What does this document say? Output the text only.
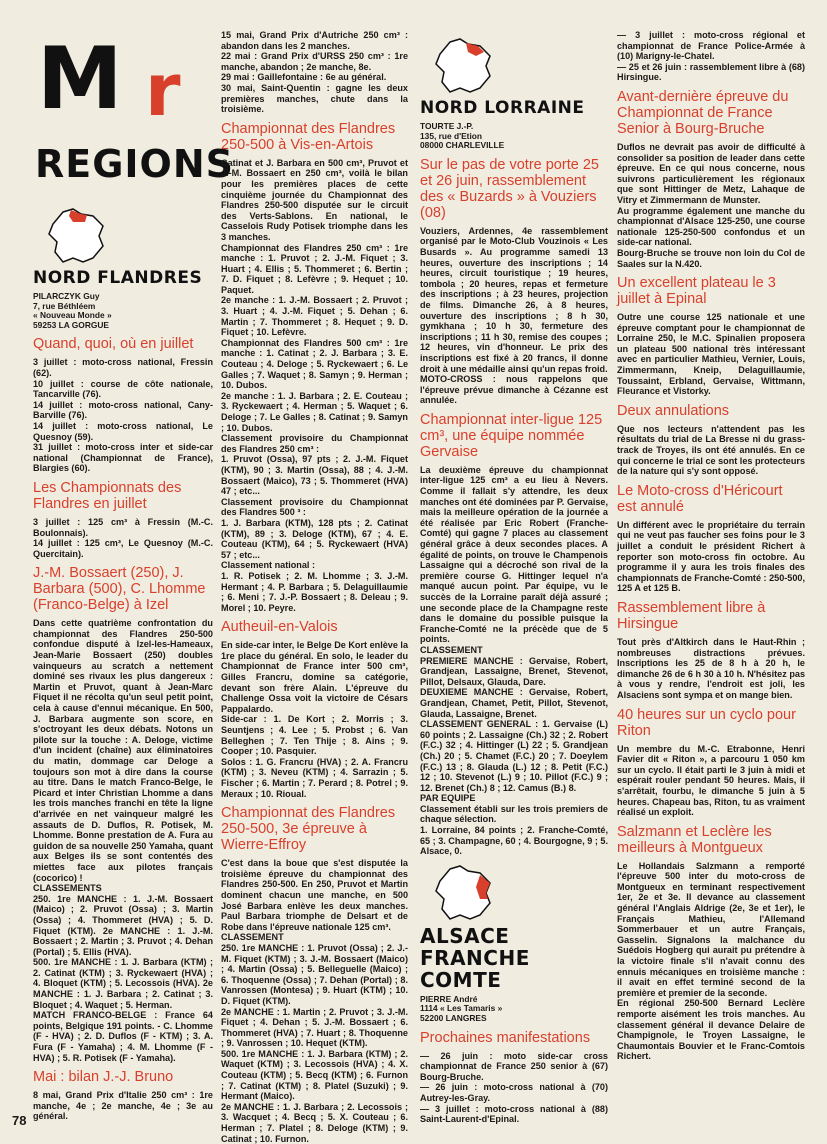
M r
REGIONS
NORD FLANDRES

PILARCZYK Guy
7, rue Béthléem
« Nouveau Monde »
59253 LA GORGUE

Quand, quoi, où en juillet

3 juillet : moto-cross national, Fressin (62).
10 juillet : course de côte nationale, Tancarville (76).
14 juillet : moto-cross national, Cany-Barville (76).
14 juillet : moto-cross national, Le Quesnoy (59).
31 juillet : moto-cross inter et side-car national (Championnat de France), Blargies (60).

Les Championnats des Flandres en juillet

3 juillet : 125 cm³ à Fressin (M.-C. Boulonnais).
14 juillet : 125 cm³, Le Quesnoy (M.-C. Quercitain).

J.-M. Bossaert (250), J. Barbara (500), C. Lhomme (Franco-Belge) à Izel

Dans cette quatrième confrontation du championnat des Flandres 250-500 confondue disputé à Izel-les-Hameaux, Jean-Marie Bossaert (250) doubles vainqueurs au scratch a nettement dominé ses rivaux les plus dangereux : Martin et Pruvot, quant à Jean-Marc Fiquet il ne récolta qu'un seul petit point, cela à cause d'ennui mécanique. En 500, J. Barbara augmente son score, en s'octroyant les deux débats. Notons un pilote sur la touche : A. Deloge, victime d'un incident (chaîne) aux éliminatoires du matin, dommage car Deloge a toujours son mot à dire dans la course au titre. Dans le match Franco-Belge, le Picard et inter Christian Lhomme a dans les trois manches franchi en tête la ligne d'arrivée en net vainqueur malgré les assauts de D. Duflos, R. Potisek, M. Lhomme. Bonne prestation de A. Fura au guidon de sa nouvelle 250 Yamaha, quant aux Belges ils se sont contentés des miettes face aux pilotes français (cocorico) !
CLASSEMENTS
250. 1re MANCHE : 1. J.-M. Bossaert (Maico) ; 2. Pruvot (Ossa) ; 3. Martin (Ossa) ; 4. Thommeret (HVA) ; 5. D. Fiquet (KTM). 2e MANCHE : 1. J.-M. Bossaert ; 2. Martin ; 3. Pruvot ; 4. Dehan (Portal) ; 5. Ellis (HVA).
500. 1re MANCHE : 1. J. Barbara (KTM) ; 2. Catinat (KTM) ; 3. Ryckewaert (HVA) ; 4. Bloquet (KTM) ; 5. Lecossois (HVA). 2e MANCHE : 1. J. Barbara ; 2. Catinat ; 3. Bloquet ; 4. Waquet ; 5. Herman.
MATCH FRANCO-BELGE : France 64 points, Belgique 191 points. - C. Lhomme (F - HVA) ; 2. D. Duflos (F - KTM) ; 3. A. Fura (F - Yamaha) ; 4. M. Lhomme (F - HVA) ; 5. R. Potisek (F - Yamaha).

Mai : bilan J.-J. Bruno

8 mai, Grand Prix d'Italie 250 cm³ : 1re manche, 4e ; 2e manche, 4e ; 3e au général.

15 mai, Grand Prix d'Autriche 250 cm³ : abandon dans les 2 manches.
22 mai : Grand Prix d'URSS 250 cm³ : 1re manche, abandon ; 2e manche, 8e.
29 mai : Gaillefontaine : 6e au général.
30 mai, Saint-Quentin : gagne les deux premières manches, chute dans la troisième.

Championnat des Flandres 250-500 à Vis-en-Artois

Catinat et J. Barbara en 500 cm³, Pruvot et J.-M. Bossaert en 250 cm³, voilà le bilan pour les premières places de cette cinquième journée du Championnat des Flandres 250-500 disputée sur le circuit des Verts-Sablons. En national, le Casselois Rudy Potisek triomphe dans les 3 manches.
Championnat des Flandres 250 cm³ : 1re manche : 1. Pruvot ; 2. J.-M. Fiquet ; 3. Huart ; 4. Ellis ; 5. Thommeret ; 6. Bertin ; 7. D. Fiquet ; 8. Lefèvre ; 9. Hequet ; 10. Paquet.
2e manche : 1. J.-M. Bossaert ; 2. Pruvot ; 3. Huart ; 4. J.-M. Fiquet ; 5. Dehan ; 6. Martin ; 7. Thommeret ; 8. Hequet ; 9. D. Fiquet ; 10. Lefèvre.
Championnat des Flandres 500 cm³ : 1re manche : 1. Catinat ; 2. J. Barbara ; 3. E. Couteau ; 4. Deloge ; 5. Ryckewaert ; 6. Le Galles ; 7. Waquet ; 8. Samyn ; 9. Herman ; 10. Dubos.
2e manche : 1. J. Barbara ; 2. E. Couteau ; 3. Ryckewaert ; 4. Herman ; 5. Waquet ; 6. Deloge ; 7. Le Galles ; 8. Catinat ; 9. Samyn ; 10. Dubos.
Classement provisoire du Championnat des Flandres 250 cm³ :
1. Pruvot (Ossa), 97 pts ; 2. J.-M. Fiquet (KTM), 90 ; 3. Martin (Ossa), 88 ; 4. J.-M. Bossaert (Maico), 73 ; 5. Thommeret (HVA) 47 ; etc...
Classement provisoire du Championnat des Flandres 500 ³ :
1. J. Barbara (KTM), 128 pts ; 2. Catinat (KTM), 89 ; 3. Deloge (KTM), 67 ; 4. E. Couteau (KTM), 64 ; 5. Ryckewaert (HVA) 57 ; etc...
Classement national :
1. R. Potisek ; 2. M. Lhomme ; 3. J.-M. Hermant ; 4. P. Barbara ; 5. Delaguillaumie ; 6. Meni ; 7. J.-P. Bossaert ; 8. Deleau ; 9. Morel ; 10. Peyre.

Autheuil-en-Valois

En side-car inter, le Belge De Kort enlève la 1re place du général. En solo, le leader du Championnat de France inter 500 cm³, Gilles Francru, domine sa catégorie, devant son frère Alain. L'épreuve du Challenge Ossa voit la victoire de Césars Pappalardo.
Side-car : 1. De Kort ; 2. Morris ; 3. Seuntjens ; 4. Lee ; 5. Probst ; 6. Van Belleghen ; 7. Ten Thije ; 8. Ains ; 9. Cooper ; 10. Pasquier.
Solos : 1. G. Francru (HVA) ; 2. A. Francru (KTM) ; 3. Neveu (KTM) ; 4. Sarrazin ; 5. Fischer ; 6. Martin ; 7. Perard ; 8. Potrel ; 9. Meraux ; 10. Rioual.

Championnat des Flandres 250-500, 3e épreuve à Wierre-Effroy

C'est dans la boue que s'est disputée la troisième épreuve du championnat des Flandres 250-500. En 250, Pruvot et Martin dominent chacun une manche, en 500 José Barbara enlève les deux manches. Paul Barbara triomphe de Delsart et de Robe dans l'épreuve nationale 125 cm³.
CLASSEMENT
250. 1re MANCHE : 1. Pruvot (Ossa) ; 2. J.-M. Fiquet (KTM) ; 3. J.-M. Bossaert (Maico) ; 4. Martin (Ossa) ; 5. Belleguelle (Maico) ; 6. Thoquenne (Ossa) ; 7. Dehan (Portal) ; 8. Vanrossen (Montesa) ; 9. Huart (KTM) ; 10. D. Fiquet (KTM).
2e MANCHE : 1. Martin ; 2. Pruvot ; 3. J.-M. Fiquet ; 4. Dehan ; 5. J.-M. Bossaert ; 6. Thommeret (HVA) ; 7. Huart ; 8. Thoquenne ; 9. Vanrossen ; 10. Hequet (KTM).
500. 1re MANCHE : 1. J. Barbara (KTM) ; 2. Waquet (KTM) ; 3. Lecossois (HVA) ; 4. X. Couteau (KTM) ; 5. Becq (KTM) ; 6. Furnon ; 7. Catinat (KTM) ; 8. Platel (Suzuki) ; 9. Hermant (Maico).
2e MANCHE : 1. J. Barbara ; 2. Lecossois ; 3. Wacquet ; 4. Becq ; 5. X. Couteau ; 6. Herman ; 7. Platel ; 8. Deloge (KTM) ; 9. Catinat ; 10. Furnon.

NORD LORRAINE

TOURTE J.-P.
135, rue d'Etion
08000 CHARLEVILLE

Sur le pas de votre porte 25 et 26 juin, rassemblement des « Buzards » à Vouziers (08)

Vouziers, Ardennes, 4e rassemblement organisé par le Moto-Club Vouzinois « Les Busards ». Au programme samedi 13 heures, ouverture des inscriptions ; 14 heures, circuit touristique ; 19 heures, tombola ; 20 heures, repas et fermeture des inscriptions ; à 23 heures, projection de films. Dimanche 26, à 8 heures, ouverture des inscriptions ; 8 h 30, gymkhana ; 10 h 30, fermeture des inscriptions ; 11 h 30, remise des coupes ; 12 heures, vin d'honneur. Le prix des inscriptions est fixé à 20 francs, il donne droit à une médaille ainsi qu'un repas froid.
MOTO-CROSS : nous rappelons que l'épreuve prévue dimanche à Cézanne est annulée.

Championnat inter-ligue 125 cm³, une équipe nommée Gervaise

La deuxième épreuve du championnat inter-ligue 125 cm³ a eu lieu à Nevers. Comme il fallait s'y attendre, les deux manches ont été dominées par P. Gervaise, mais la meilleure opération de la journée a été réalisée par Eric Robert (Franche-Comté) qui gagne 7 places au classement général grâce à deux secondes places. A égalité de points, on trouve le Champenois Lassaigne qui a décroché son rival de la première course G. Hittinger lequel n'a manqué aucun point. Par équipe, vu le succès de la Lorraine paraît déjà assuré ; une seconde place de la Champagne reste dans le domaine du possible puisque la Franche-Comté ne la précède que de 5 points.
CLASSEMENT
PREMIERE MANCHE : Gervaise, Robert, Grandjean, Lassaigne, Brenet, Stevenot, Pillot, Delsaux, Glauda, Dare.
DEUXIEME MANCHE : Gervaise, Robert, Grandjean, Chamet, Petit, Pillot, Stevenot, Glauda, Lassaigne, Brenet.
CLASSEMENT GENERAL : 1. Gervaise (L) 60 points ; 2. Lassaigne (Ch.) 32 ; 2. Robert (F.C.) 32 ; 4. Hittinger (L) 22 ; 5. Grandjean (Ch.) 20 ; 5. Chamet (F.C.) 20 ; 7. Doeylem (F.C.) 13 ; 8. Glauda (L.) 12 ; 8. Petit (F.C.) 12 ; 10. Stevenot (L.) 9 ; 10. Pillot (F.C.) 9 ; 12. Brenet (Ch.) 8 ; 12. Camus (B.) 8.
PAR EQUIPE
Classement établi sur les trois premiers de chaque sélection.
1. Lorraine, 84 points ; 2. Franche-Comté, 65 ; 3. Champagne, 60 ; 4. Bourgogne, 9 ; 5. Alsace, 0.

ALSACE FRANCHE COMTE

PIERRE André
1114 « Les Tamaris »
52200 LANGRES

Prochaines manifestations

— 26 juin : moto side-car cross championnat de France 250 senior à (67) Bourg-Bruche.
— 26 juin : moto-cross national à (70) Autrey-les-Gray.
— 3 juillet : moto-cross national à (88) Saint-Laurent-d'Epinal.

— 3 juillet : moto-cross régional et championnat de France Police-Armée à (10) Marigny-le-Chatel.
— 25 et 26 juin : rassemblement libre à (68) Hirsingue.

Avant-dernière épreuve du Championnat de France Senior à Bourg-Bruche

Duflos ne devrait pas avoir de difficulté à consolider sa position de leader dans cette épreuve. En ce qui nous concerne, nous suivrons particulièrement les régionaux que sont Hittinger de Metz, Lahaque de Vitry et Zimmermann de Munster.
Au programme également une manche du championnat d'Alsace 125-250, une course nationale 125-250-500 confondus et un side-car national.
Bourg-Bruche se trouve non loin du Col de Saales sur la N.420.

Un excellent plateau le 3 juillet à Epinal

Outre une course 125 nationale et une épreuve comptant pour le championnat de Lorraine 250, le M.C. Spinalien proposera un plateau 500 national très intéressant avec en particulier Mathieu, Vernier, Louis, Zimmermann, Kneip, Delaguillaumie, Toussaint, Erbland, Gervaise, Wittmann, Fleurance et Vistorky.

Deux annulations

Que nos lecteurs n'attendent pas les résultats du trial de La Bresse ni du grass-track de Troyes, ils ont été annulés. En ce qui concerne le trial ce sont les protecteurs de la nature qui s'y sont opposé.

Le Moto-cross d'Héricourt est annulé

Un différent avec le propriétaire du terrain qui ne veut pas faucher ses foins pour le 3 juillet a conduit le président Richert à reporter son moto-cross fin octobre. Au programme il y aura les trois finales des championnats de Franche-Comté : 250-500, 125 A et 125 B.

Rassemblement libre à Hirsingue

Tout près d'Altkirch dans le Haut-Rhin ; nombreuses distractions prévues. Inscriptions les 25 de 8 h à 20 h, le dimanche 26 de 6 h 30 à 10 h. N'hésitez pas à vous y rendre, l'endroit est joli, les Alsaciens sont sympa et on mange bien.

40 heures sur un cyclo pour Riton

Un membre du M.-C. Etrabonne, Henri Favier dit « Riton », a parcouru 1 050 km sur un cyclo. Il était parti le 3 juin à midi et espérait rouler pendant 50 heures. Mais, il s'arrêtait, fourbu, le dimanche 5 juin à 5 heures. Chapeau bas, Riton, tu as vraiment réalisé un exploit.

Salzmann et Leclère les meilleurs à Montgueux

Le Hollandais Salzmann a remporté l'épreuve 500 inter du moto-cross de Montgueux en terminant respectivement 1er, 2e et 3e. Il devance au classement général l'Anglais Aldrige (2e, 3e et 1er), le Français Mathieu, l'Allemand Sommerbauer et un autre Français, Gasselin. Signalons la malchance du Suédois Hogberg qui aurait pu prétendre à la victoire finale s'il n'avait connu des ennuis mécaniques en troisième manche : il avait en effet terminé second de la première et premier de la seconde.
En régional 250-500 Bernard Leclère remporte aisément les trois manches. Au classement général il devance Delaire de Champignole, le Troyen Lassaigne, le Chaumontais Bouvier et le Franc-Comtois Richert.

78
